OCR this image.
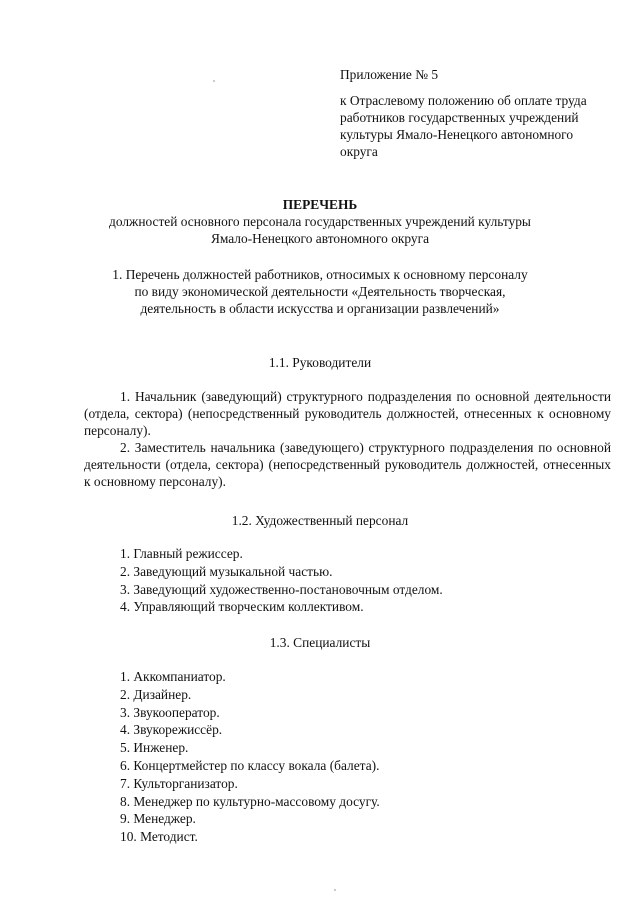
Приложение № 5

к Отраслевому положению об оплате труда работников государственных учреждений культуры Ямало-Ненецкого автономного округа

ПЕРЕЧЕНЬ

должностей основного персонала государственных учреждений культуры Ямало-Ненецкого автономного округа

1. Перечень должностей работников, относимых к основному персоналу по виду экономической деятельности «Деятельность творческая, деятельность в области искусства и организации развлечений»

1.1. Руководители

1. Начальник (заведующий) структурного подразделения по основной деятельности (отдела, сектора) (непосредственный руководитель должностей, отнесенных к основному персоналу).

2. Заместитель начальника (заведующего) структурного подразделения по основной деятельности (отдела, сектора) (непосредственный руководитель должностей, отнесенных к основному персоналу).

1.2. Художественный персонал

1. Главный режиссер.
2. Заведующий музыкальной частью.
3. Заведующий художественно-постановочным отделом.
4. Управляющий творческим коллективом.

1.3. Специалисты

1. Аккомпаниатор.
2. Дизайнер.
3. Звукооператор.
4. Звукорежиссёр.
5. Инженер.
6. Концертмейстер по классу вокала (балета).
7. Культорганизатор.
8. Менеджер по культурно-массовому досугу.
9. Менеджер.
10. Методист.
